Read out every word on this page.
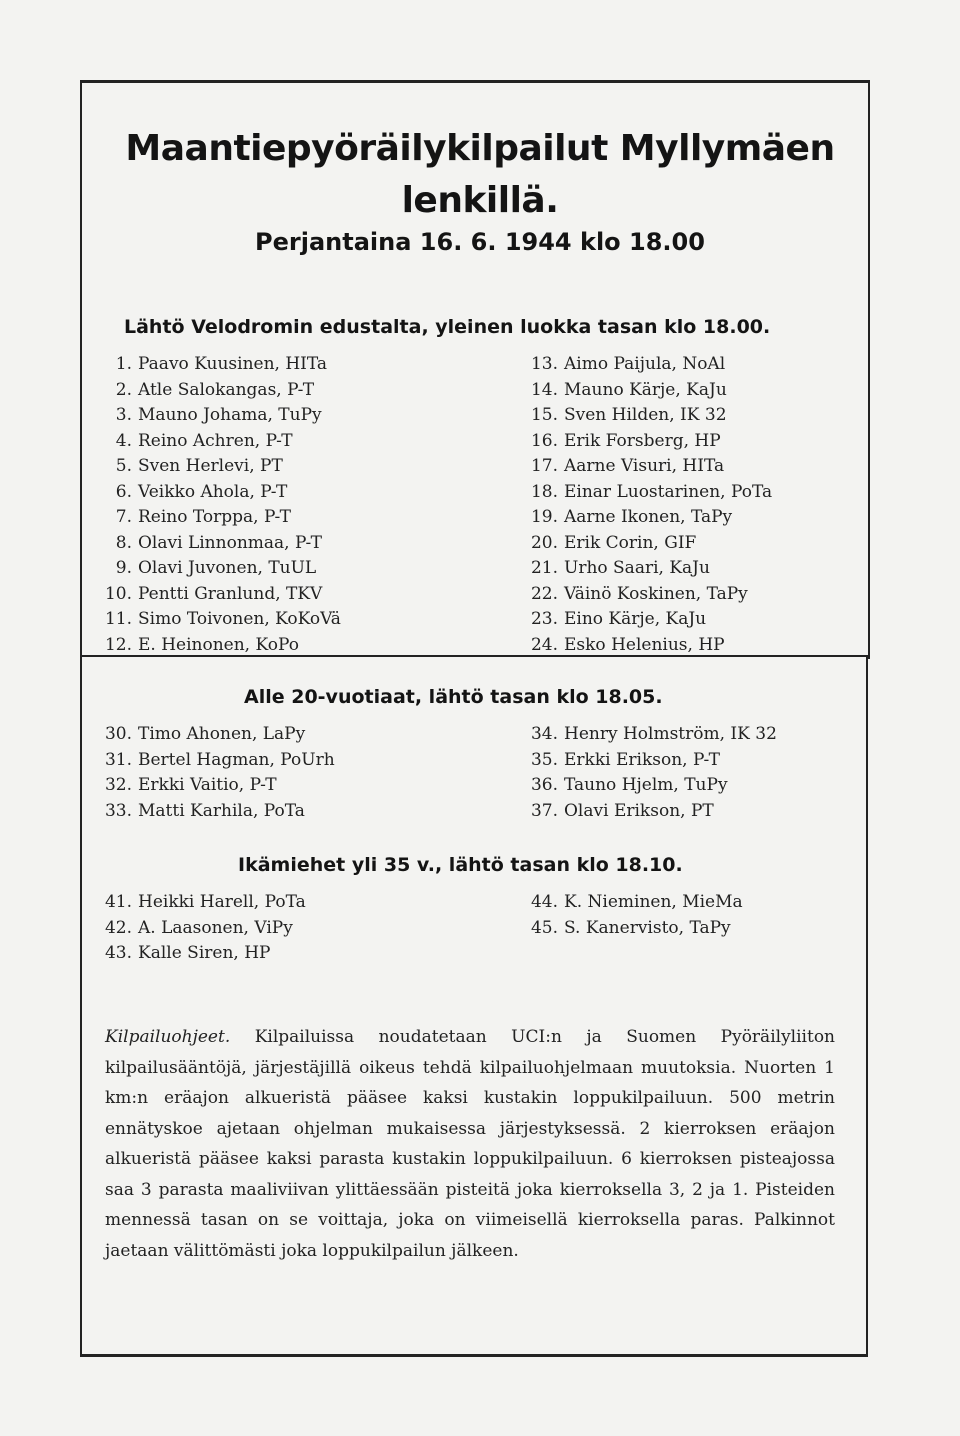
Maantiepyöräilykilpailut Myllymäen
lenkillä.
Perjantaina 16. 6. 1944 klo 18.00
Lähtö Velodromin edustalta, yleinen luokka tasan klo 18.00.
1. Paavo Kuusinen, HITa
2. Atle Salokangas, P-T
3. Mauno Johama, TuPy
4. Reino Achren, P-T
5. Sven Herlevi, PT
6. Veikko Ahola, P-T
7. Reino Torppa, P-T
8. Olavi Linnonmaa, P-T
9. Olavi Juvonen, TuUL
10. Pentti Granlund, TKV
11. Simo Toivonen, KoKoVä
12. E. Heinonen, KoPo
13. Aimo Paijula, NoAl
14. Mauno Kärje, KaJu
15. Sven Hilden, IK 32
16. Erik Forsberg, HP
17. Aarne Visuri, HITa
18. Einar Luostarinen, PoTa
19. Aarne Ikonen, TaPy
20. Erik Corin, GIF
21. Urho Saari, KaJu
22. Väinö Koskinen, TaPy
23. Eino Kärje, KaJu
24. Esko Helenius, HP
Alle 20-vuotiaat, lähtö tasan klo 18.05.
30. Timo Ahonen, LaPy
31. Bertel Hagman, PoUrh
32. Erkki Vaitio, P-T
33. Matti Karhila, PoTa
34. Henry Holmström, IK 32
35. Erkki Erikson, P-T
36. Tauno Hjelm, TuPy
37. Olavi Erikson, PT
Ikämiehet yli 35 v., lähtö tasan klo 18.10.
41. Heikki Harell, PoTa
42. A. Laasonen, ViPy
43. Kalle Siren, HP
44. K. Nieminen, MieMa
45. S. Kanervisto, TaPy
Kilpailuohjeet. Kilpailuissa noudatetaan UCI:n ja Suomen Pyöräilyliiton kilpailusääntöjä, järjestäjillä oikeus tehdä kilpailuohjelmaan muutoksia. Nuorten 1 km:n eräajon alkueristä pääsee kaksi kustakin loppukilpailuun. 500 metrin ennätyskoe ajetaan ohjelman mukaisessa järjestyksessä. 2 kierroksen eräajon alkueristä pääsee kaksi parasta kustakin loppukilpailuun. 6 kierroksen pisteajossa saa 3 parasta maaliviivan ylittäessään pisteitä joka kierroksella 3, 2 ja 1. Pisteiden mennessä tasan on se voittaja, joka on viimeisellä kierroksella paras. Palkinnot jaetaan välittömästi joka loppukilpailun jälkeen.
